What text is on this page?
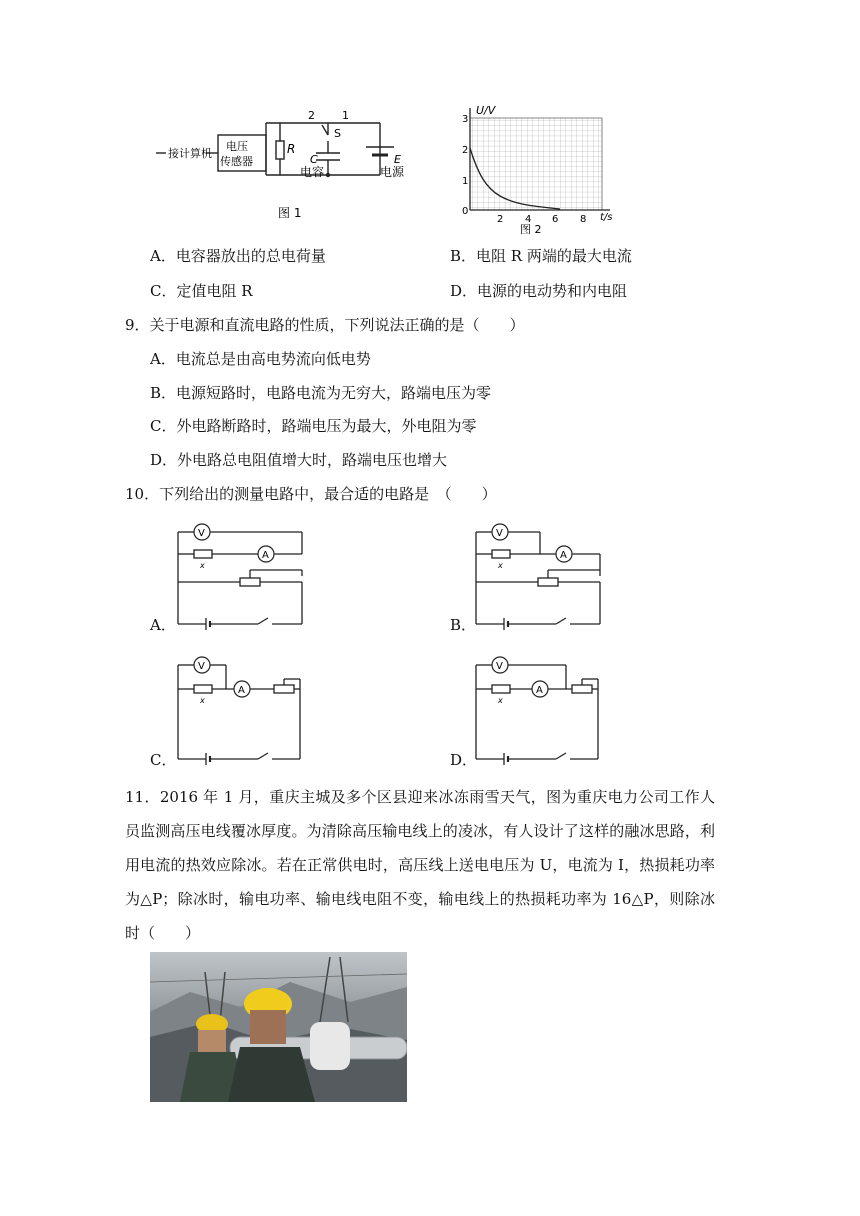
接计算机
电压
传感器
R
2 1
S
C
电容
E
电源
图 1
U/V
t/s
0
1
2
3
2 4 6 8
图 2
A．电容器放出的总电荷量	B．电阻 R 两端的最大电流
C．定值电阻 R	D．电源的电动势和内电阻
9．关于电源和直流电路的性质，下列说法正确的是（　　）
A．电流总是由高电势流向低电势
B．电源短路时，电路电流为无穷大，路端电压为零
C．外电路断路时，路端电压为最大，外电阻为零
D．外电路总电阻值增大时，路端电压也增大
10．下列给出的测量电路中，最合适的电路是　（　　）
V
A
x
A．
V
A
x
B．
V
A
x
C．
V
A
x
D．
11．2016 年 1 月，重庆主城及多个区县迎来冰冻雨雪天气，图为重庆电力公司工作人员监测高压电线覆冰厚度。为清除高压输电线上的凌冰，有人设计了这样的融冰思路，利用电流的热效应除冰。若在正常供电时，高压线上送电电压为 U，电流为 I，热损耗功率为△P；除冰时，输电功率、输电线电阻不变，输电线上的热损耗功率为 16△P，则除冰时（　　）
